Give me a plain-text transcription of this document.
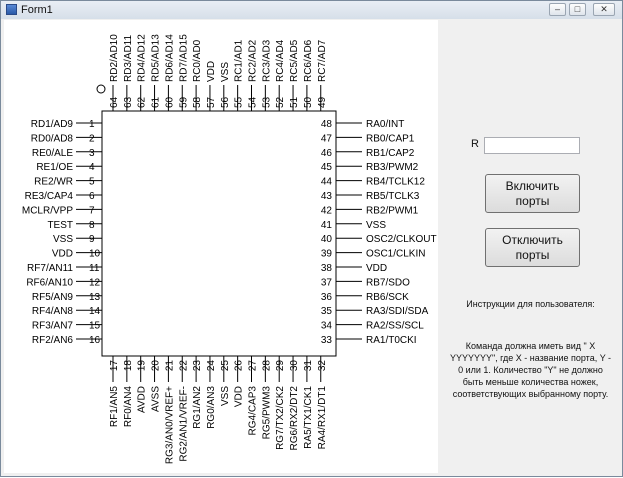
Form1	–	□	✕
1
RD1/AD9
2
RD0/AD8
3
RE0/ALE
4
RE1/OE
5
RE2/WR
6
RE3/CAP4
7
MCLR/VPP
8
TEST
9
VSS
10
VDD
11
RF7/AN11
12
RF6/AN10
13
RF5/AN9
14
RF4/AN8
15
RF3/AN7
16
RF2/AN6
48	RA0/INT
47	RB0/CAP1
46	RB1/CAP2
45	RB3/PWM2
44	RB4/TCLK12
43	RB5/TCLK3
42	RB2/PWM1
41	VSS
40	OSC2/CLKOUT
39	OSC1/CLKIN
38	VDD
37	RB7/SDO
36	RB6/SCK
35	RA3/SDI/SDA
34	RA2/SS/SCL
33	RA1/T0CKI
64
RD2/AD10
63
RD3/AD11
62
RD4/AD12
61
RD5/AD13
60
RD6/AD14
59
RD7/AD15
58
RC0/AD0
57
VDD
56
VSS
55
RC1/AD1
54
RC2/AD2
53
RC3/AD3
52
RC4/AD4
51
RC5/AD5
50
RC6/AD6
49
RC7/AD7
17
RF1/AN5
18
RF0/AN4
19
AVDD
20
AVSS
21
RG3/AN0/VREF+
22
RG2/AN1/VREF-
23
RG1/AN2
24
RG0/AN3
25
VSS
26
VDD
27
RG4/CAP3
28
RG5/PWM3
29
RG7/TX2/CK2
30
RG6/RX2/DT2
31
RA5/TX1/CK1
32
RA4/RX1/DT1
R
Включить
порты
Отключить
порты
Инструкции для пользователя:
Команда должна иметь вид " X YYYYYYY", где X - название порта, Y - 0 или 1. Количество "Y" не должно быть меньше количества ножек, соответствующих выбранному порту.
